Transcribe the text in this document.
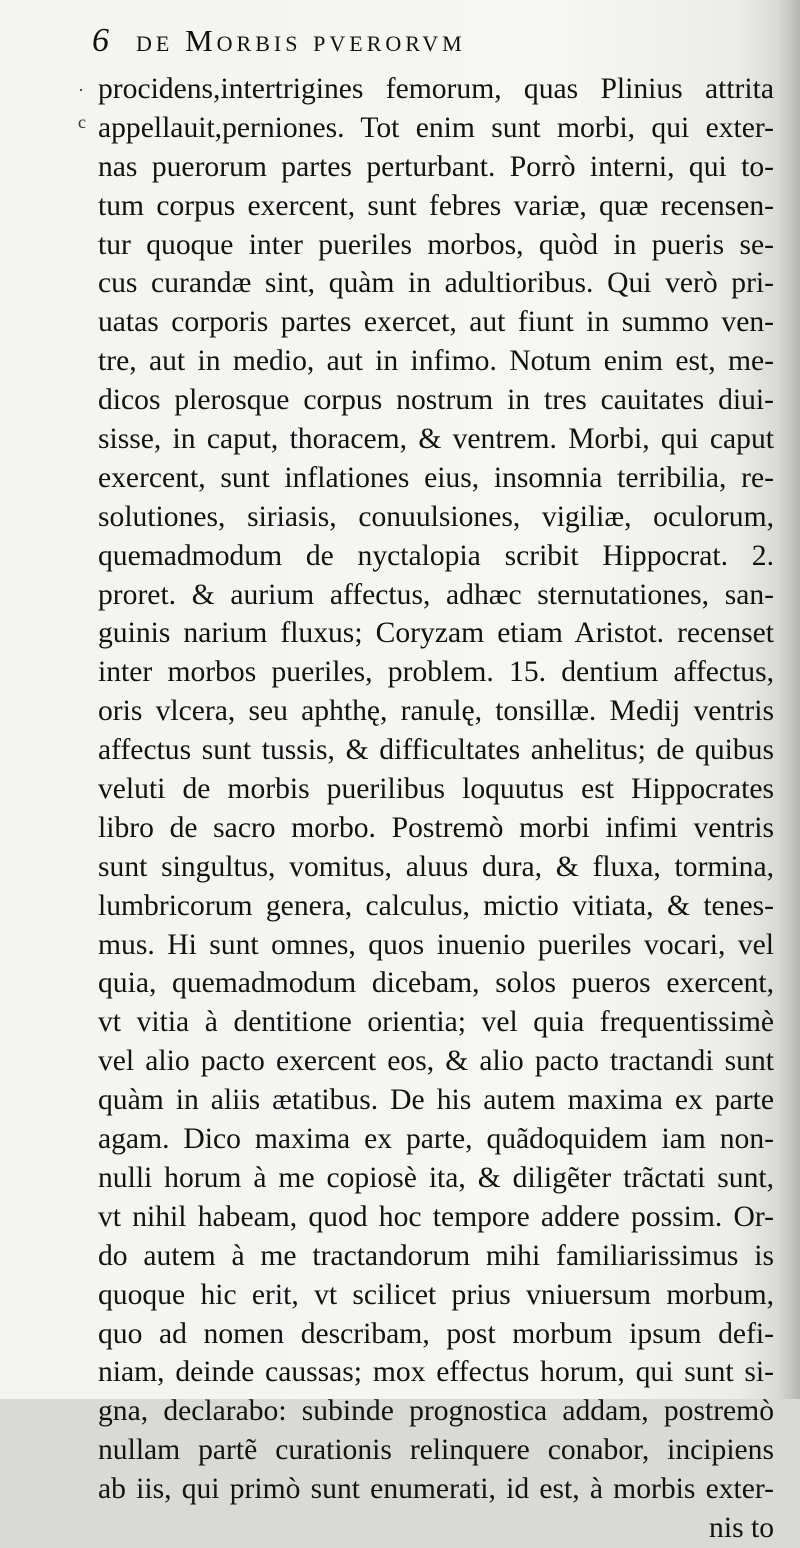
6 de Morbis pverorvm
·
c
procidens,intertrigines femorum, quas Plinius attrita
appellauit,perniones. Tot enim sunt morbi, qui exter-
nas puerorum partes perturbant. Porrò interni, qui to-
tum corpus exercent, sunt febres variæ, quæ recensen-
tur quoque inter pueriles morbos, quòd in pueris se-
cus curandæ sint, quàm in adultioribus. Qui verò pri-
uatas corporis partes exercet, aut fiunt in summo ven-
tre, aut in medio, aut in infimo. Notum enim est, me-
dicos plerosque corpus nostrum in tres cauitates diui-
sisse, in caput, thoracem, & ventrem. Morbi, qui caput
exercent, sunt inflationes eius, insomnia terribilia, re-
solutiones, siriasis, conuulsiones, vigiliæ, oculorum,
quemadmodum de nyctalopia scribit Hippocrat. 2.
proret. & aurium affectus, adhæc sternutationes, san-
guinis narium fluxus; Coryzam etiam Aristot. recenset
inter morbos pueriles, problem. 15. dentium affectus,
oris vlcera, seu aphthę, ranulę, tonsillæ. Medij ventris
affectus sunt tussis, & difficultates anhelitus; de quibus
veluti de morbis puerilibus loquutus est Hippocrates
libro de sacro morbo. Postremò morbi infimi ventris
sunt singultus, vomitus, aluus dura, & fluxa, tormina,
lumbricorum genera, calculus, mictio vitiata, & tenes-
mus. Hi sunt omnes, quos inuenio pueriles vocari, vel
quia, quemadmodum dicebam, solos pueros exercent,
vt vitia à dentitione orientia; vel quia frequentissimè
vel alio pacto exercent eos, & alio pacto tractandi sunt
quàm in aliis ætatibus. De his autem maxima ex parte
agam. Dico maxima ex parte, quãdoquidem iam non-
nulli horum à me copiosè ita, & diligẽter trãctati sunt,
vt nihil habeam, quod hoc tempore addere possim. Or-
do autem à me tractandorum mihi familiarissimus is
quoque hic erit, vt scilicet prius vniuersum morbum,
quo ad nomen describam, post morbum ipsum defi-
niam, deinde caussas; mox effectus horum, qui sunt si-
gna, declarabo: subinde prognostica addam, postremò
nullam partẽ curationis relinquere conabor, incipiens
ab iis, qui primò sunt enumerati, id est, à morbis exter-
nis to
